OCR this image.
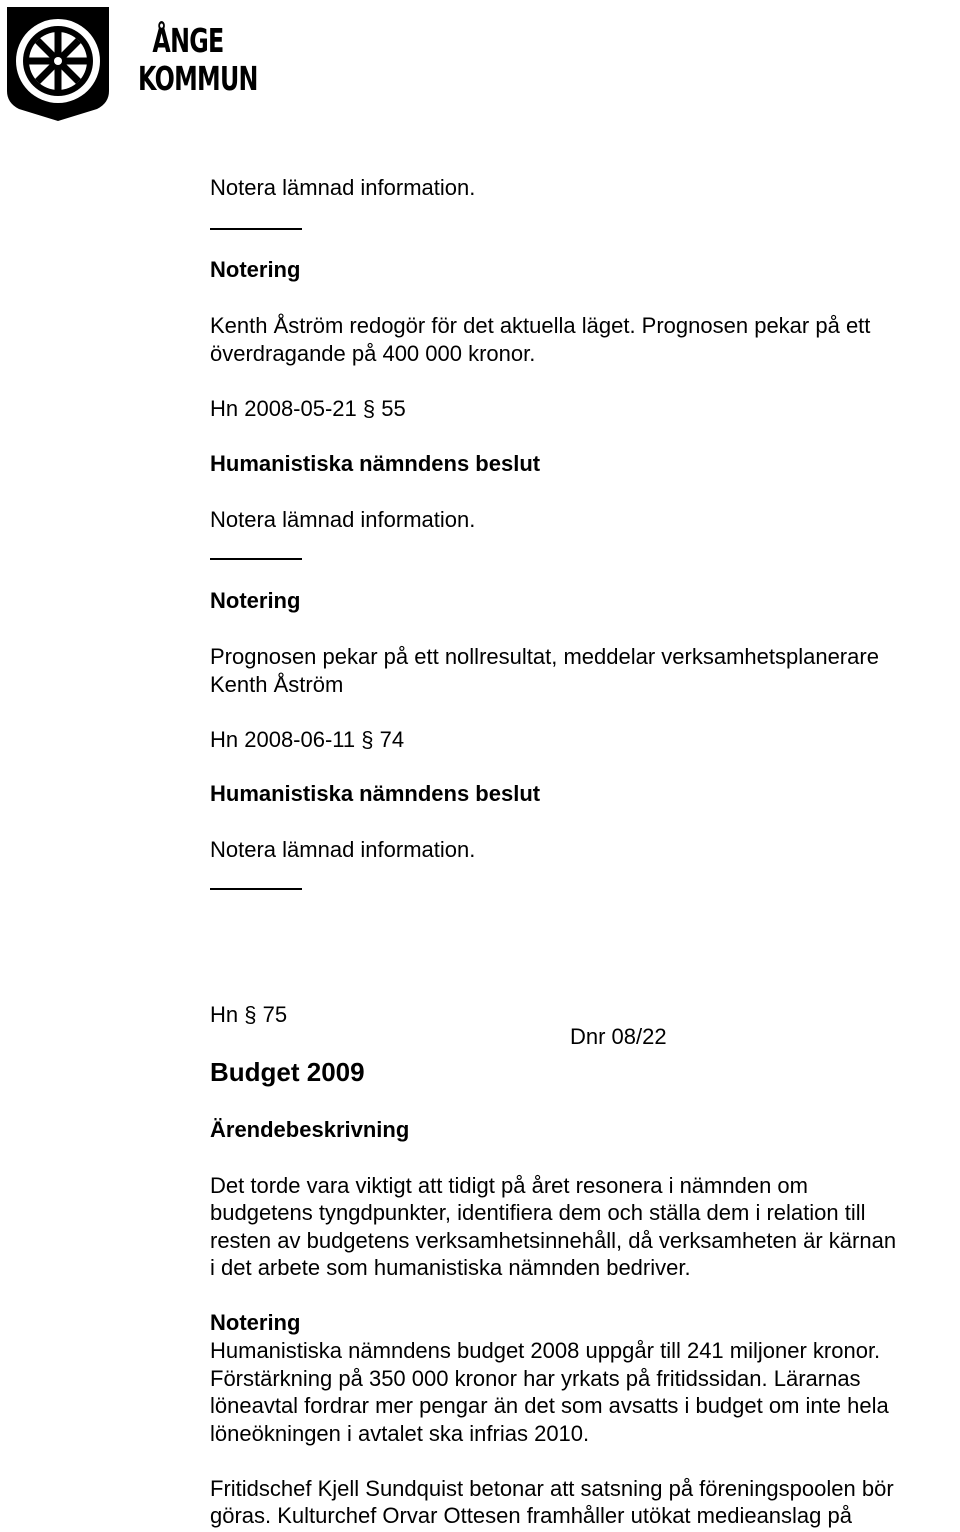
ÅNGE
KOMMUN

Notera lämnad information.

Notering

Kenth Åström redogör för det aktuella läget. Prognosen pekar på ett

överdragande på 400 000 kronor.

Hn 2008-05-21 § 55

Humanistiska nämndens beslut

Notera lämnad information.

Notering

Prognosen pekar på ett nollresultat, meddelar verksamhetsplanerare

Kenth Åström

Hn 2008-06-11 § 74

Humanistiska nämndens beslut

Notera lämnad information.

Hn § 75

Dnr 08/22

Budget 2009

Ärendebeskrivning

Det torde vara viktigt att tidigt på året resonera i nämnden om

budgetens tyngdpunkter, identifiera dem och ställa dem i relation till

resten av budgetens verksamhetsinnehåll, då verksamheten är kärnan

i det arbete som humanistiska nämnden bedriver.

Notering

Humanistiska nämndens budget 2008 uppgår till 241 miljoner kronor.

Förstärkning på 350 000 kronor har yrkats på fritidssidan. Lärarnas

löneavtal fordrar mer pengar än det som avsatts i budget om inte hela

löneökningen i avtalet ska infrias 2010.

Fritidschef Kjell Sundquist betonar att satsning på föreningspoolen bör

göras. Kulturchef Orvar Ottesen framhåller utökat medieanslag på
